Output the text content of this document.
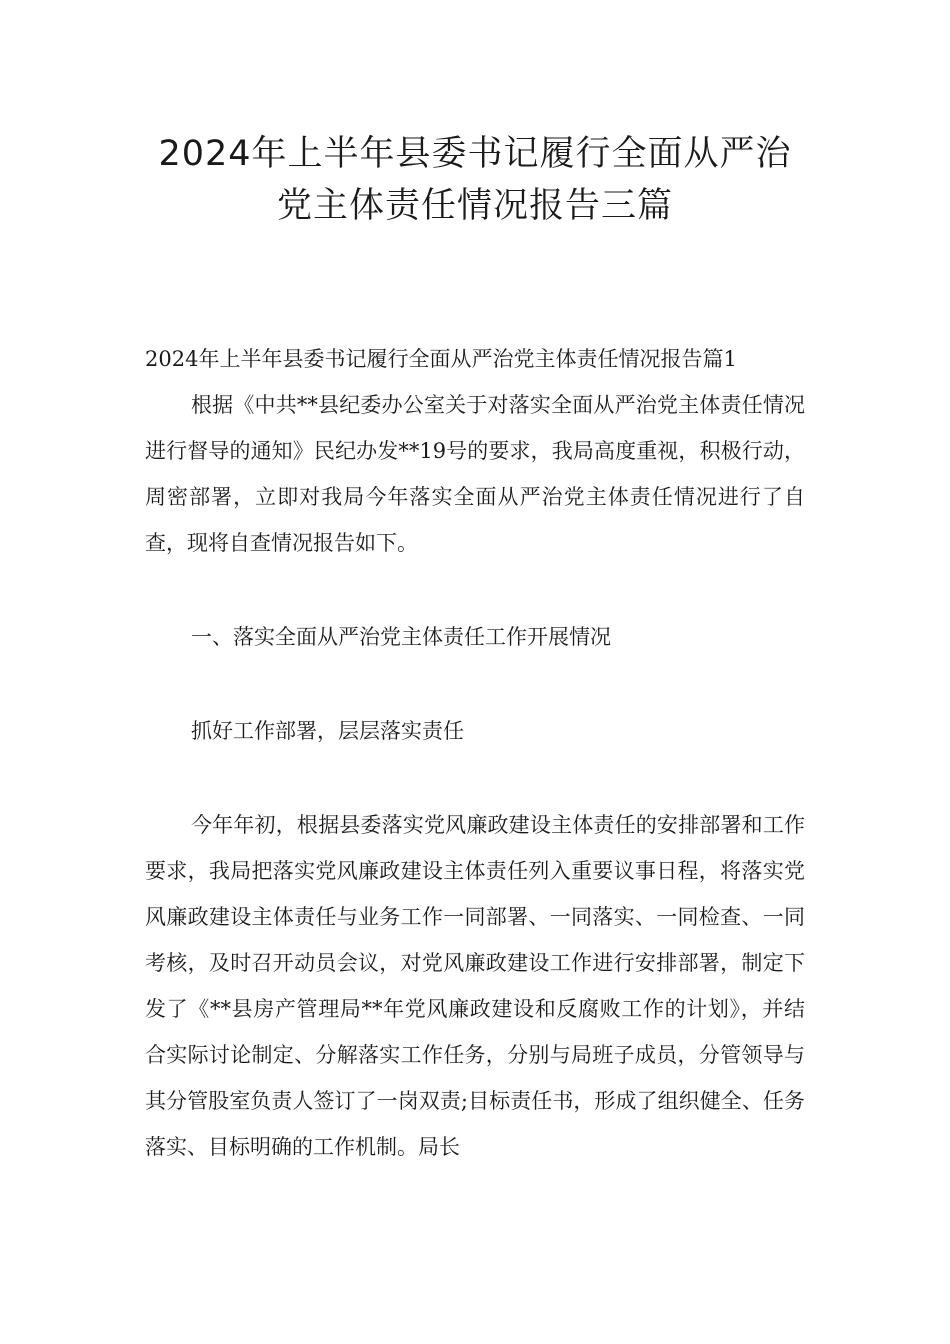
2024年上半年县委书记履行全面从严治
党主体责任情况报告三篇

2024年上半年县委书记履行全面从严治党主体责任情况报告篇1

根据《中共**县纪委办公室关于对落实全面从严治党主体责任情况进行督导的通知》民纪办发**19号的要求，我局高度重视，积极行动，周密部署，立即对我局今年落实全面从严治党主体责任情况进行了自查，现将自查情况报告如下。

一、落实全面从严治党主体责任工作开展情况

抓好工作部署，层层落实责任

今年年初，根据县委落实党风廉政建设主体责任的安排部署和工作要求，我局把落实党风廉政建设主体责任列入重要议事日程，将落实党风廉政建设主体责任与业务工作一同部署、一同落实、一同检查、一同考核，及时召开动员会议，对党风廉政建设工作进行安排部署，制定下发了《**县房产管理局**年党风廉政建设和反腐败工作的计划》，并结合实际讨论制定、分解落实工作任务，分别与局班子成员，分管领导与其分管股室负责人签订了一岗双责;目标责任书，形成了组织健全、任务落实、目标明确的工作机制。局长
